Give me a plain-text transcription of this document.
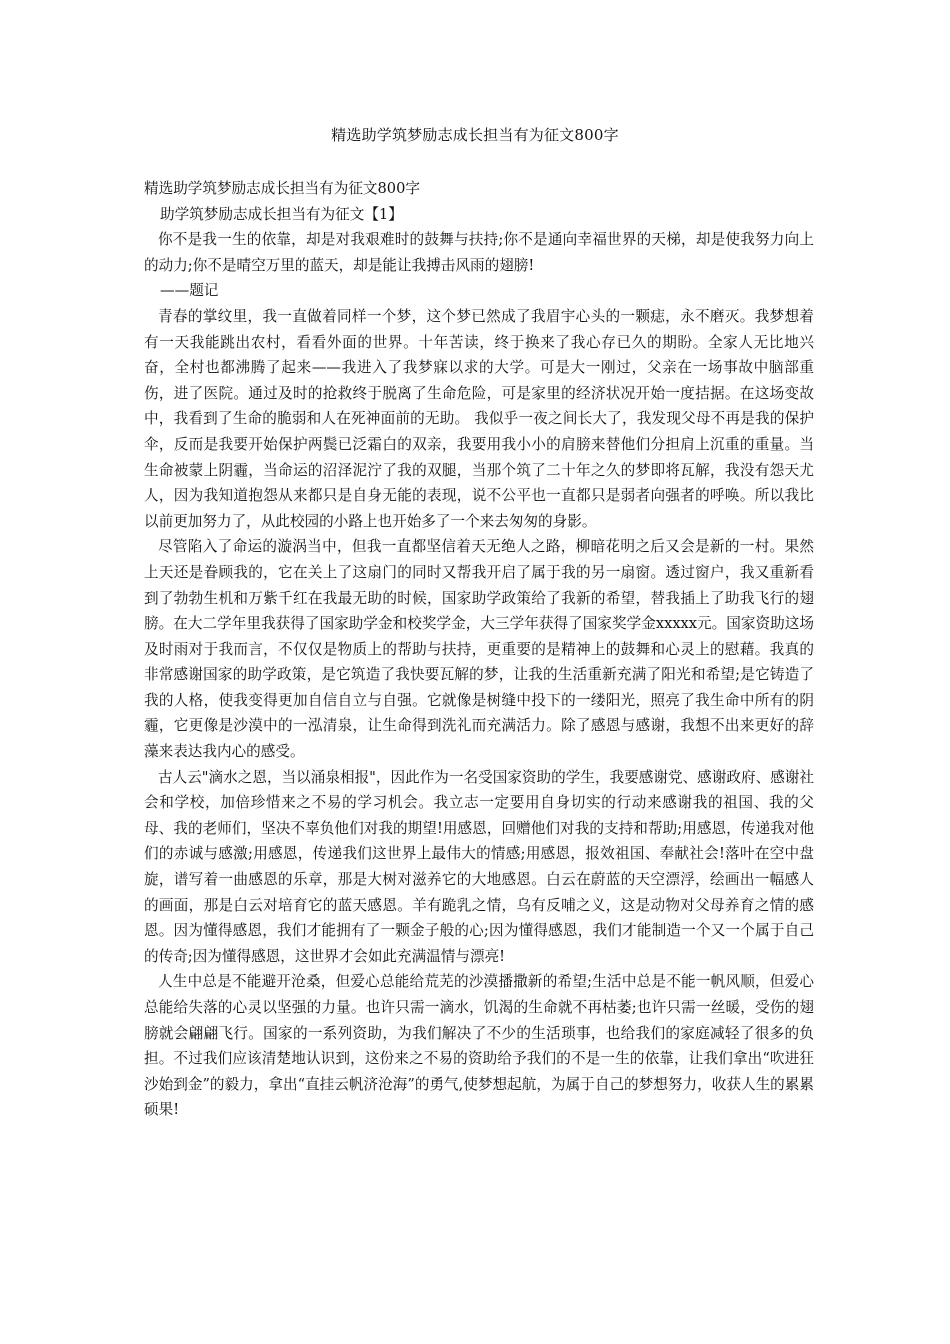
精选助学筑梦励志成长担当有为征文800字

精选助学筑梦励志成长担当有为征文800字

助学筑梦励志成长担当有为征文【1】

你不是我一生的依靠，却是对我艰难时的鼓舞与扶持;你不是通向幸福世界的天梯，却是使我努力向上的动力;你不是晴空万里的蓝天，却是能让我搏击风雨的翅膀!

——题记

青春的掌纹里，我一直做着同样一个梦，这个梦已然成了我眉宇心头的一颗痣，永不磨灭。我梦想着有一天我能跳出农村，看看外面的世界。十年苦读，终于换来了我心存已久的期盼。全家人无比地兴奋，全村也都沸腾了起来——我进入了我梦寐以求的大学。可是大一刚过，父亲在一场事故中脑部重伤，进了医院。通过及时的抢救终于脱离了生命危险，可是家里的经济状况开始一度拮据。在这场变故中，我看到了生命的脆弱和人在死神面前的无助。 我似乎一夜之间长大了，我发现父母不再是我的保护伞，反而是我要开始保护两鬓已泛霜白的双亲，我要用我小小的肩膀来替他们分担肩上沉重的重量。当生命被蒙上阴霾，当命运的沼泽泥泞了我的双腿，当那个筑了二十年之久的梦即将瓦解，我没有怨天尤人，因为我知道抱怨从来都只是自身无能的表现，说不公平也一直都只是弱者向强者的呼唤。所以我比以前更加努力了，从此校园的小路上也开始多了一个来去匆匆的身影。

尽管陷入了命运的漩涡当中，但我一直都坚信着天无绝人之路，柳暗花明之后又会是新的一村。果然上天还是眷顾我的，它在关上了这扇门的同时又帮我开启了属于我的另一扇窗。透过窗户，我又重新看到了勃勃生机和万紫千红在我最无助的时候，国家助学政策给了我新的希望，替我插上了助我飞行的翅膀。在大二学年里我获得了国家助学金和校奖学金，大三学年获得了国家奖学金xxxxx元。国家资助这场及时雨对于我而言，不仅仅是物质上的帮助与扶持，更重要的是精神上的鼓舞和心灵上的慰藉。我真的非常感谢国家的助学政策，是它筑造了我快要瓦解的梦，让我的生活重新充满了阳光和希望;是它铸造了我的人格，使我变得更加自信自立与自强。它就像是树缝中投下的一缕阳光，照亮了我生命中所有的阴霾，它更像是沙漠中的一泓清泉，让生命得到洗礼而充满活力。除了感恩与感谢，我想不出来更好的辞藻来表达我内心的感受。

古人云"滴水之恩，当以涌泉相报"，因此作为一名受国家资助的学生，我要感谢党、感谢政府、感谢社会和学校，加倍珍惜来之不易的学习机会。我立志一定要用自身切实的行动来感谢我的祖国、我的父母、我的老师们，坚决不辜负他们对我的期望!用感恩，回赠他们对我的支持和帮助;用感恩，传递我对他们的赤诚与感激;用感恩，传递我们这世界上最伟大的情感;用感恩，报效祖国、奉献社会!落叶在空中盘旋，谱写着一曲感恩的乐章，那是大树对滋养它的大地感恩。白云在蔚蓝的天空漂浮，绘画出一幅感人的画面，那是白云对培育它的蓝天感恩。羊有跪乳之情，乌有反哺之义，这是动物对父母养育之情的感恩。因为懂得感恩，我们才能拥有了一颗金子般的心;因为懂得感恩，我们才能制造一个又一个属于自己的传奇;因为懂得感恩，这世界才会如此充满温情与漂亮!

人生中总是不能避开沧桑，但爱心总能给荒芜的沙漠播撒新的希望;生活中总是不能一帆风顺，但爱心总能给失落的心灵以坚强的力量。也许只需一滴水，饥渴的生命就不再枯萎;也许只需一丝暖，受伤的翅膀就会翩翩飞行。国家的一系列资助，为我们解决了不少的生活琐事，也给我们的家庭减轻了很多的负担。不过我们应该清楚地认识到，这份来之不易的资助给予我们的不是一生的依靠，让我们拿出“吹进狂沙始到金”的毅力，拿出“直挂云帆济沧海”的勇气,使梦想起航，为属于自己的梦想努力，收获人生的累累硕果!
